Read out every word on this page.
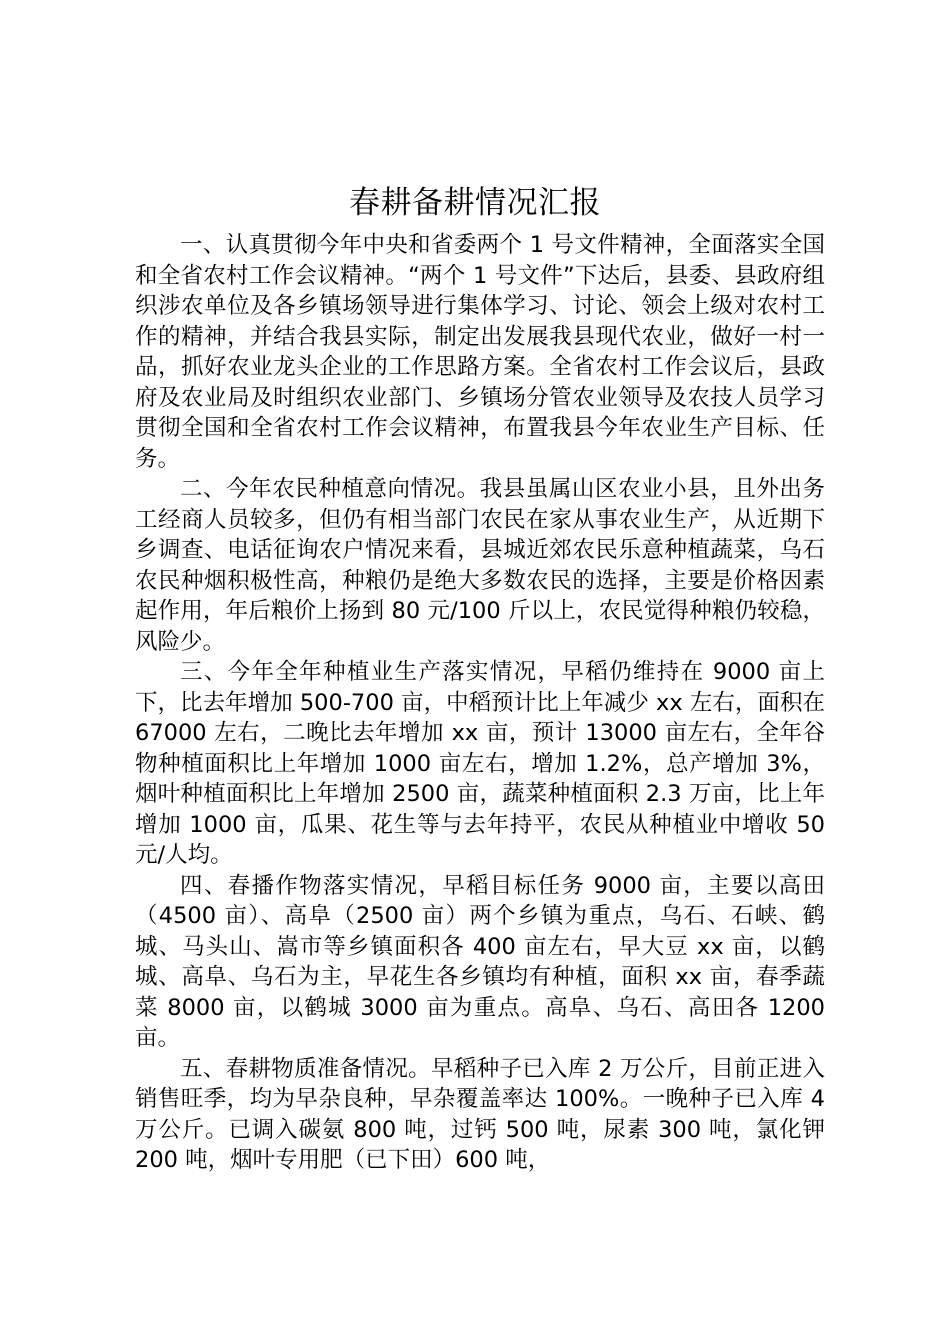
春耕备耕情况汇报

一、认真贯彻今年中央和省委两个 1 号文件精神，全面落实全国和全省农村工作会议精神。“两个 1 号文件”下达后，县委、县政府组织涉农单位及各乡镇场领导进行集体学习、讨论、领会上级对农村工作的精神，并结合我县实际，制定出发展我县现代农业，做好一村一品，抓好农业龙头企业的工作思路方案。全省农村工作会议后，县政府及农业局及时组织农业部门、乡镇场分管农业领导及农技人员学习贯彻全国和全省农村工作会议精神，布置我县今年农业生产目标、任务。

二、今年农民种植意向情况。我县虽属山区农业小县，且外出务工经商人员较多，但仍有相当部门农民在家从事农业生产，从近期下乡调查、电话征询农户情况来看，县城近郊农民乐意种植蔬菜，乌石农民种烟积极性高，种粮仍是绝大多数农民的选择，主要是价格因素起作用，年后粮价上扬到 80 元/100 斤以上，农民觉得种粮仍较稳，风险少。

三、今年全年种植业生产落实情况，早稻仍维持在 9000 亩上下，比去年增加 500-700 亩，中稻预计比上年减少 xx 左右，面积在 67000 左右，二晚比去年增加 xx 亩，预计 13000 亩左右，全年谷物种植面积比上年增加 1000 亩左右，增加 1.2%，总产增加 3%，烟叶种植面积比上年增加 2500 亩，蔬菜种植面积 2.3 万亩，比上年增加 1000 亩，瓜果、花生等与去年持平，农民从种植业中增收 50 元/人均。

四、春播作物落实情况，早稻目标任务 9000 亩，主要以高田（4500 亩）、高阜（2500 亩）两个乡镇为重点，乌石、石峡、鹤城、马头山、嵩市等乡镇面积各 400 亩左右，早大豆 xx 亩，以鹤城、高阜、乌石为主，早花生各乡镇均有种植，面积 xx 亩，春季蔬菜 8000 亩，以鹤城 3000 亩为重点。高阜、乌石、高田各 1200 亩。

五、春耕物质准备情况。早稻种子已入库 2 万公斤，目前正进入销售旺季，均为早杂良种，早杂覆盖率达 100%。一晚种子已入库 4 万公斤。已调入碳氨 800 吨，过钙 500 吨，尿素 300 吨，氯化钾 200 吨，烟叶专用肥（已下田）600 吨，
